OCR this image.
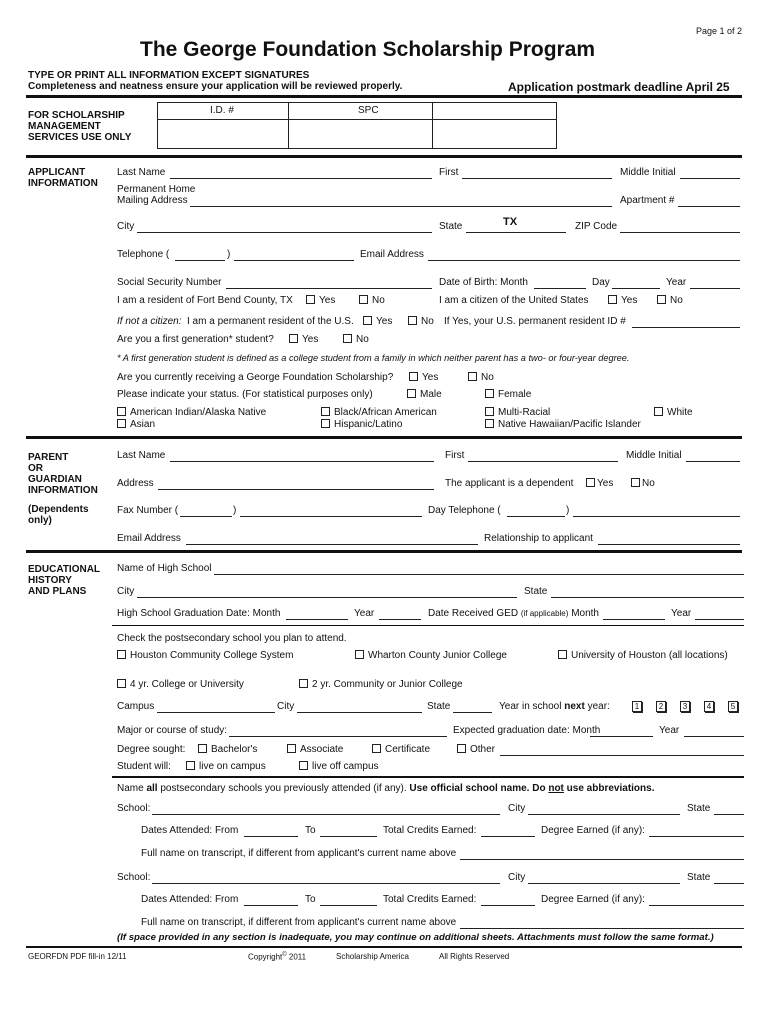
Page 1 of 2
The George Foundation Scholarship Program
TYPE OR PRINT ALL INFORMATION EXCEPT SIGNATURES
Completeness and neatness ensure your application will be reviewed properly.	Application postmark deadline April 25
FOR SCHOLARSHIP MANAGEMENT SERVICES USE ONLY
I.D. #	SPC
APPLICANT INFORMATION
Last Name	First	Middle Initial
Permanent Home
Mailing Address	Apartment #
City	State	TX	ZIP Code
Telephone (	)	Email Address
Social Security Number	Date of Birth: Month	Day	Year
I am a resident of Fort Bend County, TX	Yes	No	I am a citizen of the United States	Yes	No
If not a citizen: I am a permanent resident of the U.S.	Yes	No If Yes, your U.S. permanent resident ID #
Are you a first generation* student?	Yes	No
* A first generation student is defined as a college student from a family in which neither parent has a two- or four-year degree.
Are you currently receiving a George Foundation Scholarship?	Yes	No
Please indicate your status. (For statistical purposes only)	Male	Female
American Indian/Alaska Native	Black/African American	Multi-Racial	White
Asian	Hispanic/Latino	Native Hawaiian/Pacific Islander
PARENT
OR
GUARDIAN
INFORMATION
(Dependents
only)
Last Name	First	Middle Initial
Address	The applicant is a dependent	Yes	No
Fax Number (	)	Day Telephone (	)
Email Address	Relationship to applicant
EDUCATIONAL
HISTORY
AND PLANS
Name of High School
City	State
High School Graduation Date: Month	Year	Date Received GED (if applicable) Month	Year
Check the postsecondary school you plan to attend.
Houston Community College System	Wharton County Junior College	University of Houston (all locations)
4 yr. College or University	2 yr. Community or Junior College
Campus	City	State	Year in school next year:	1 2 3 4 5
Major or course of study:	Expected graduation date: Month	Year
Degree sought:	Bachelor's	Associate	Certificate	Other
Student will:	live on campus	live off campus
Name all postsecondary schools you previously attended (if any). Use official school name. Do not use abbreviations.
School:	City	State
Dates Attended: From	To	Total Credits Earned:	Degree Earned (if any):
Full name on transcript, if different from applicant's current name above
School:	City	State
Dates Attended: From	To	Total Credits Earned:	Degree Earned (if any):
Full name on transcript, if different from applicant's current name above
(If space provided in any section is inadequate, you may continue on additional sheets. Attachments must follow the same format.)
GEORFDN PDF fill-in 12/11	Copyright© 2011	Scholarship America	All Rights Reserved
